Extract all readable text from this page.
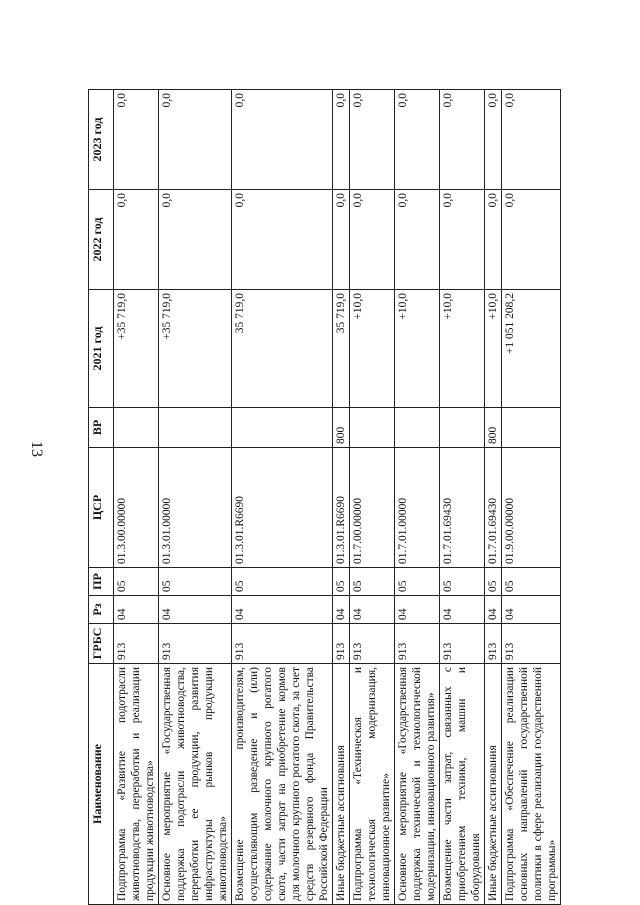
13
Наименование	ГРБС	Рз	ПР	ЦСР	ВР	2021 год	2022 год	2023 год
Подпрограмма «Развитие подотрасли животноводства, переработки и реализации продукции животноводства»	913	04	05	01.3.00.00000		+35 719,0	0,0	0,0
Основное мероприятие «Государственная поддержка подотрасли животноводства, переработки ее продукции, развития инфраструктуры рынков продукции животноводства»	913	04	05	01.3.01.00000		+35 719,0	0,0	0,0
Возмещение производителям, осуществляющим разведение и (или) содержание молочного крупного рогатого скота, части затрат на приобретение кормов для молочного крупного рогатого скота, за счет средств резервного фонда Правительства Российской Федерации	913	04	05	01.3.01.R6690		35 719,0	0,0	0,0
Иные бюджетные ассигнования	913	04	05	01.3.01.R6690	800	35 719,0	0,0	0,0
Подпрограмма «Техническая и технологическая модернизация, инновационное развитие»	913	04	05	01.7.00.00000		+10,0	0,0	0,0
Основное мероприятие «Государственная поддержка технической и технологической модернизации, инновационного развития»	913	04	05	01.7.01.00000		+10,0	0,0	0,0
Возмещение части затрат, связанных с приобретением техники, машин и оборудования	913	04	05	01.7.01.69430		+10,0	0,0	0,0
Иные бюджетные ассигнования	913	04	05	01.7.01.69430	800	+10,0	0,0	0,0
Подпрограмма «Обеспечение реализации основных направлений государственной политики в сфере реализации государственной программы»	913	04	05	01.9.00.00000		+1 051 208,2	0,0	0,0
